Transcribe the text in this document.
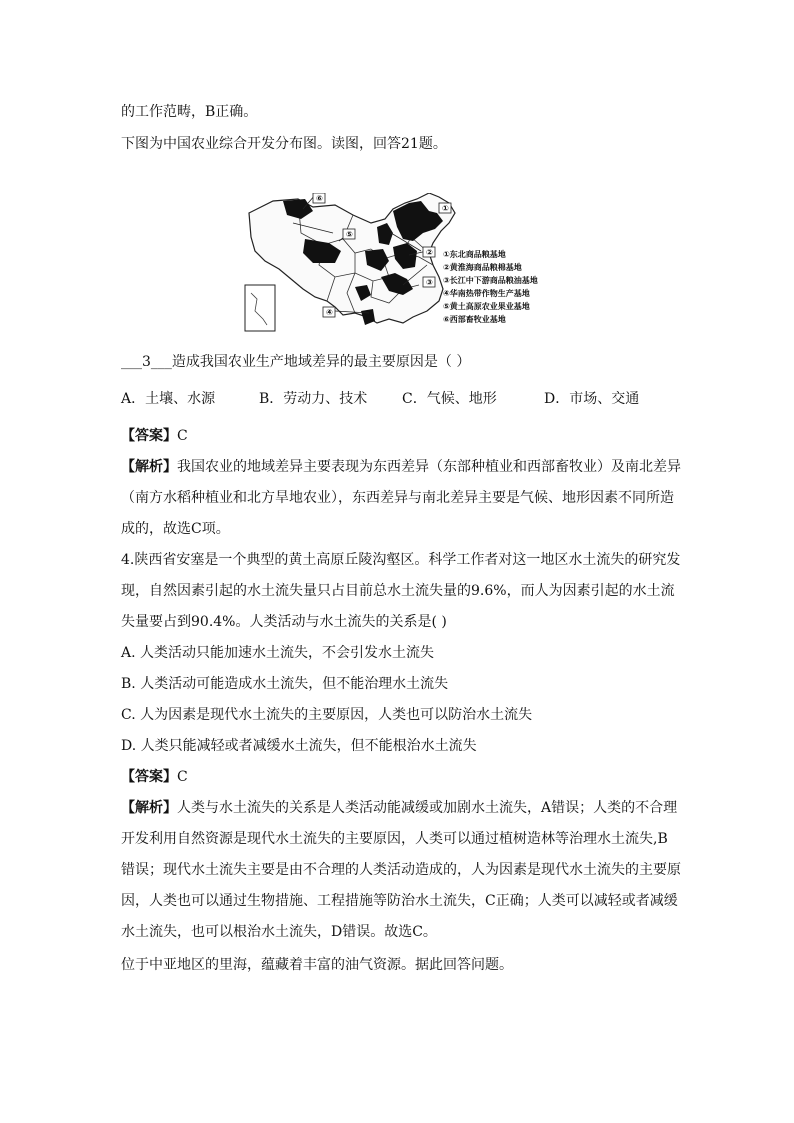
的工作范畴，B正确。
下图为中国农业综合开发分布图。读图，回答21题。
①
②
③
④
⑤
⑥
①东北商品粮基地
②黄淮海商品粮棉基地
③长江中下游商品粮油基地
④华南热带作物生产基地
⑤黄土高原农业果业基地
⑥西部畜牧业基地
___3___造成我国农业生产地域差异的最主要原因是（ ）
A．土壤、水源	B．劳动力、技术 C．气候、地形	D．市场、交通
【答案】C
【解析】我国农业的地域差异主要表现为东西差异（东部种植业和西部畜牧业）及南北差异
（南方水稻种植业和北方旱地农业），东西差异与南北差异主要是气候、地形因素不同所造
成的，故选C项。
4.陕西省安塞是一个典型的黄土高原丘陵沟壑区。科学工作者对这一地区水土流失的研究发
现，自然因素引起的水土流失量只占目前总水土流失量的9.6%，而人为因素引起的水土流
失量要占到90.4%。人类活动与水土流失的关系是( )
A. 人类活动只能加速水土流失，不会引发水土流失
B. 人类活动可能造成水土流失，但不能治理水土流失
C. 人为因素是现代水土流失的主要原因，人类也可以防治水土流失
D. 人类只能减轻或者减缓水土流失，但不能根治水土流失
【答案】C
【解析】人类与水土流失的关系是人类活动能减缓或加剧水土流失，A错误；人类的不合理
开发利用自然资源是现代水土流失的主要原因，人类可以通过植树造林等治理水土流失,B
错误；现代水土流失主要是由不合理的人类活动造成的，人为因素是现代水土流失的主要原
因，人类也可以通过生物措施、工程措施等防治水土流失，C正确；人类可以减轻或者减缓
水土流失，也可以根治水土流失，D错误。故选C。
位于中亚地区的里海，蕴藏着丰富的油气资源。据此回答问题。
